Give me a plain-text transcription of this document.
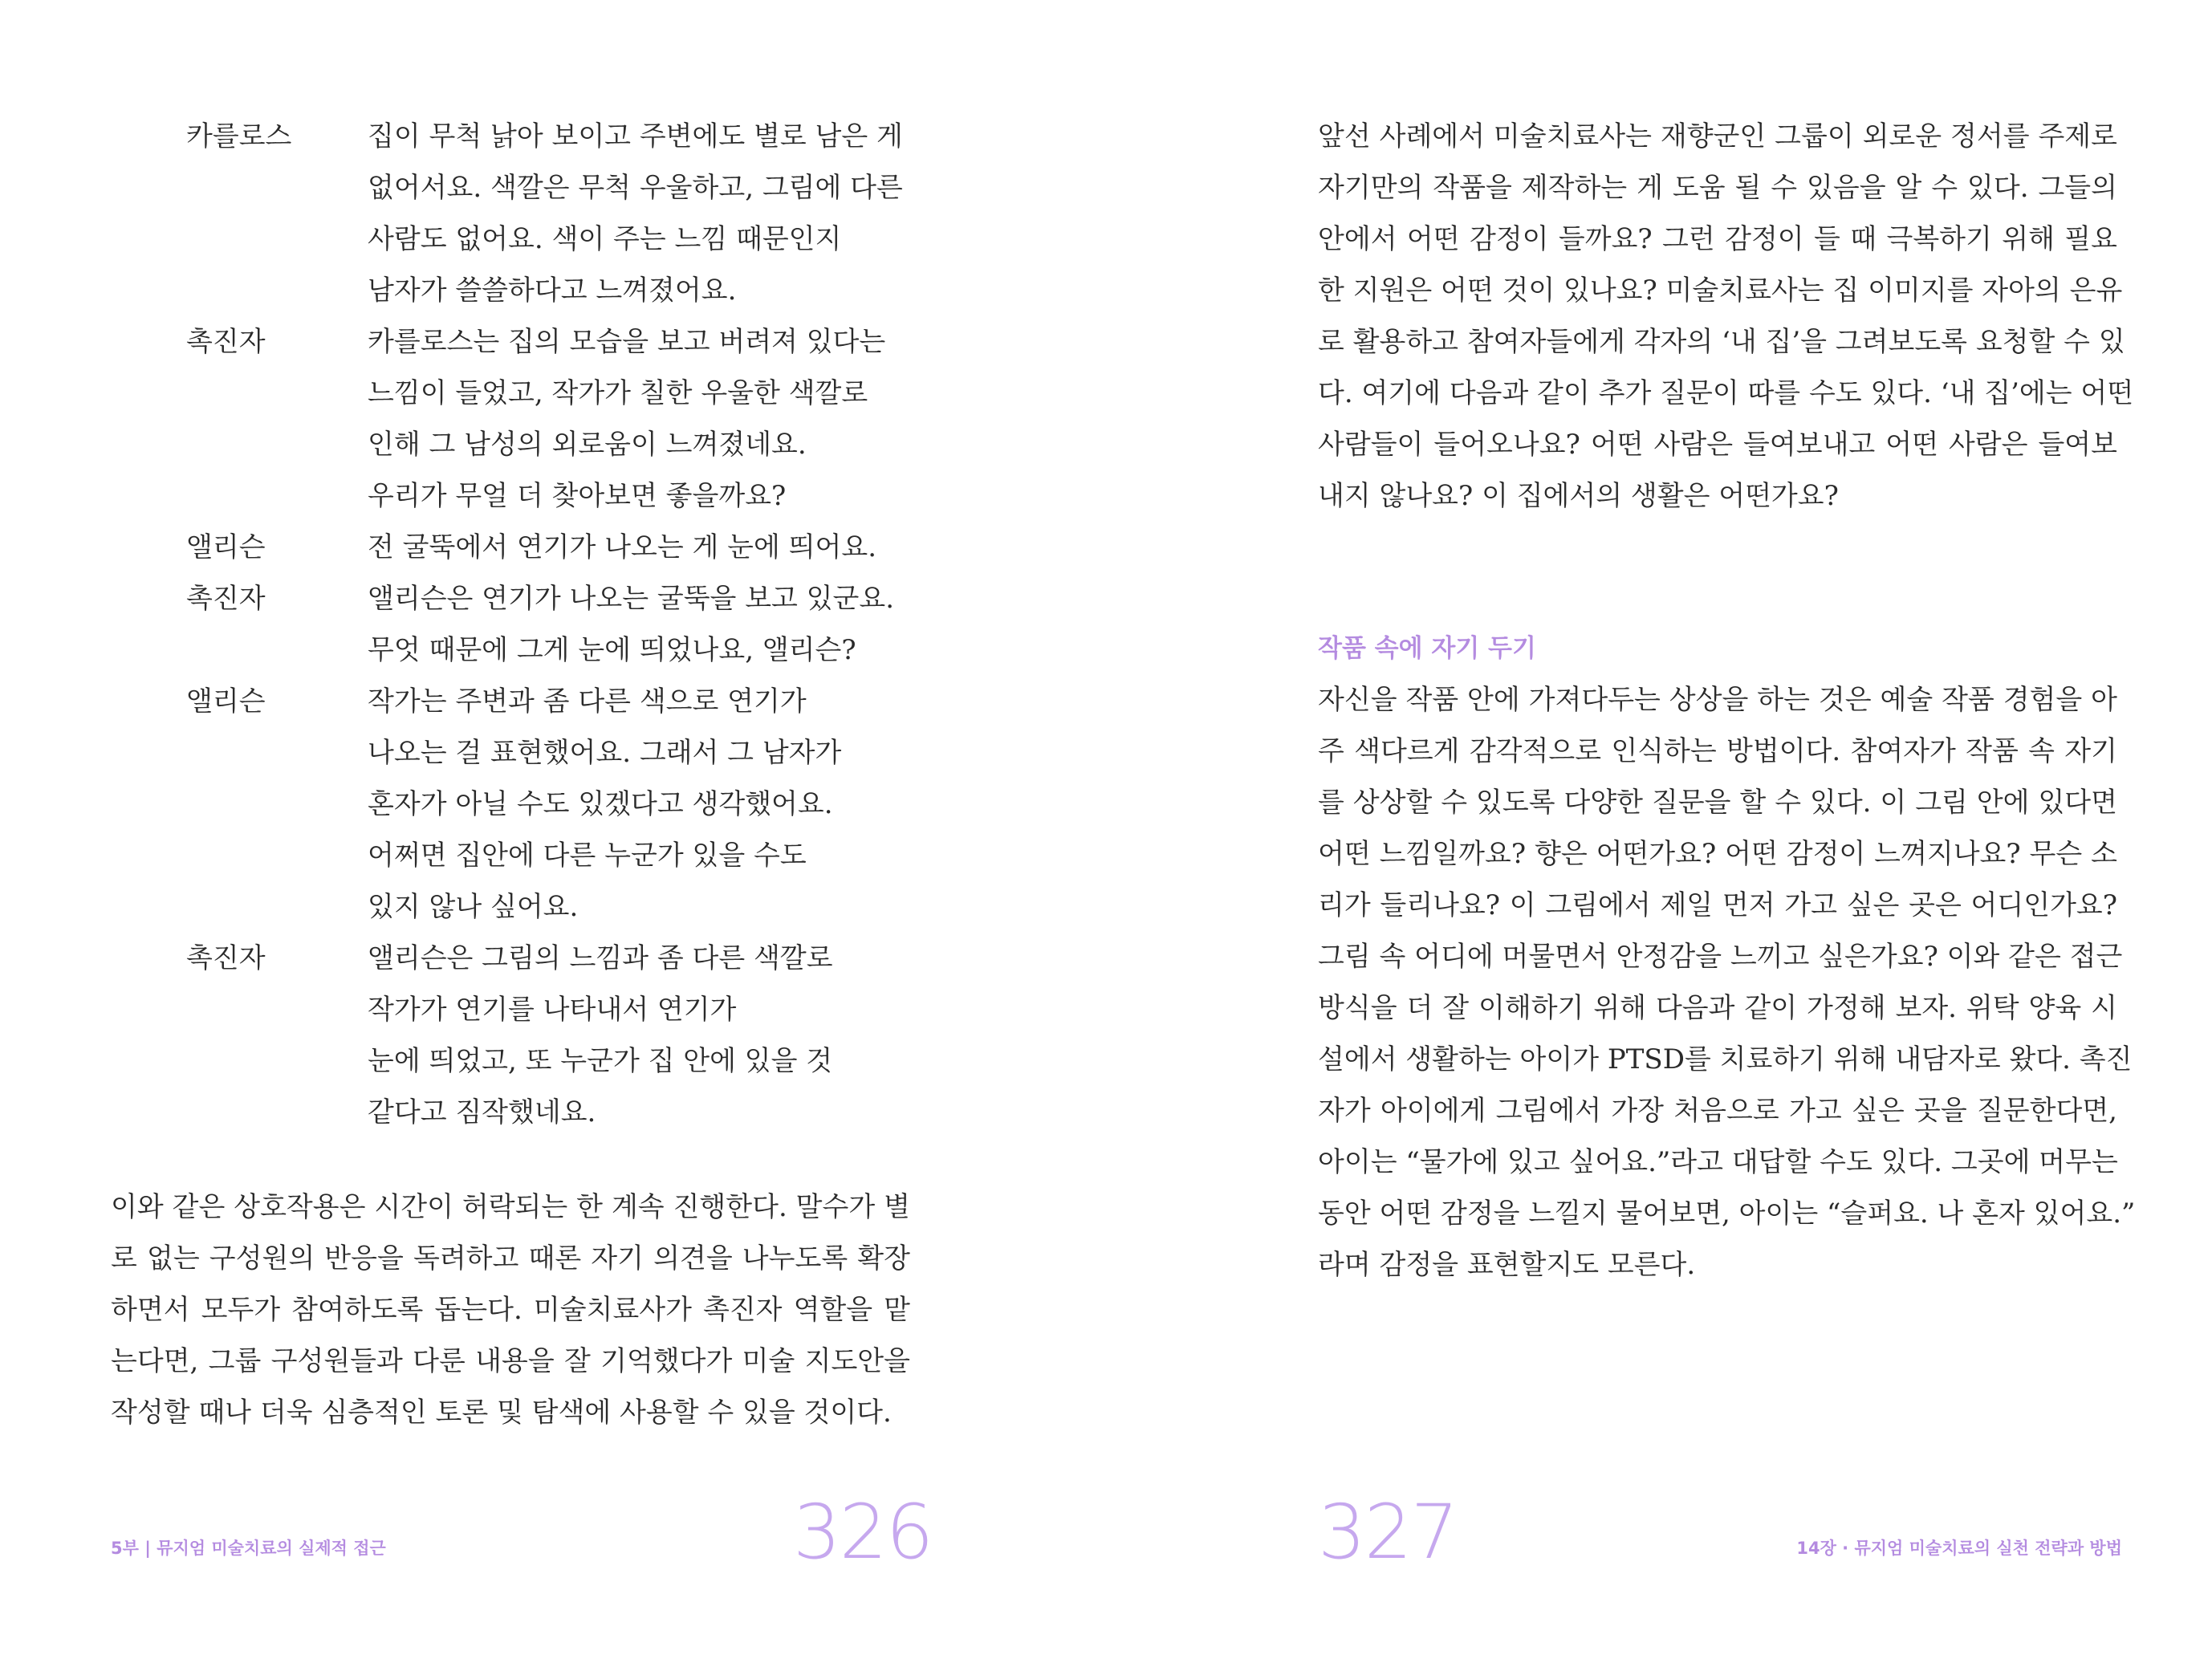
카를로스	집이 무척 낡아 보이고 주변에도 별로 남은 게
없어서요. 색깔은 무척 우울하고, 그림에 다른
사람도 없어요. 색이 주는 느낌 때문인지
남자가 쓸쓸하다고 느껴졌어요.
촉진자	카를로스는 집의 모습을 보고 버려져 있다는
느낌이 들었고, 작가가 칠한 우울한 색깔로
인해 그 남성의 외로움이 느껴졌네요.
우리가 무얼 더 찾아보면 좋을까요?
앨리슨	전 굴뚝에서 연기가 나오는 게 눈에 띄어요.
촉진자	앨리슨은 연기가 나오는 굴뚝을 보고 있군요.
무엇 때문에 그게 눈에 띄었나요, 앨리슨?
앨리슨	작가는 주변과 좀 다른 색으로 연기가
나오는 걸 표현했어요. 그래서 그 남자가
혼자가 아닐 수도 있겠다고 생각했어요.
어쩌면 집안에 다른 누군가 있을 수도
있지 않나 싶어요.
촉진자	앨리슨은 그림의 느낌과 좀 다른 색깔로
작가가 연기를 나타내서 연기가
눈에 띄었고, 또 누군가 집 안에 있을 것
같다고 짐작했네요.
이와 같은 상호작용은 시간이 허락되는 한 계속 진행한다. 말수가 별
로 없는 구성원의 반응을 독려하고 때론 자기 의견을 나누도록 확장
하면서 모두가 참여하도록 돕는다. 미술치료사가 촉진자 역할을 맡
는다면, 그룹 구성원들과 다룬 내용을 잘 기억했다가 미술 지도안을
작성할 때나 더욱 심층적인 토론 및 탐색에 사용할 수 있을 것이다.
5부 | 뮤지엄 미술치료의 실제적 접근	326
앞선 사례에서 미술치료사는 재향군인 그룹이 외로운 정서를 주제로
자기만의 작품을 제작하는 게 도움 될 수 있음을 알 수 있다. 그들의
안에서 어떤 감정이 들까요? 그런 감정이 들 때 극복하기 위해 필요
한 지원은 어떤 것이 있나요? 미술치료사는 집 이미지를 자아의 은유
로 활용하고 참여자들에게 각자의 ‘내 집’을 그려보도록 요청할 수 있
다. 여기에 다음과 같이 추가 질문이 따를 수도 있다. ‘내 집’에는 어떤
사람들이 들어오나요? 어떤 사람은 들여보내고 어떤 사람은 들여보
내지 않나요? 이 집에서의 생활은 어떤가요?
작품 속에 자기 두기
자신을 작품 안에 가져다두는 상상을 하는 것은 예술 작품 경험을 아
주 색다르게 감각적으로 인식하는 방법이다. 참여자가 작품 속 자기
를 상상할 수 있도록 다양한 질문을 할 수 있다. 이 그림 안에 있다면
어떤 느낌일까요? 향은 어떤가요? 어떤 감정이 느껴지나요? 무슨 소
리가 들리나요? 이 그림에서 제일 먼저 가고 싶은 곳은 어디인가요?
그림 속 어디에 머물면서 안정감을 느끼고 싶은가요? 이와 같은 접근
방식을 더 잘 이해하기 위해 다음과 같이 가정해 보자. 위탁 양육 시
설에서 생활하는 아이가 PTSD를 치료하기 위해 내담자로 왔다. 촉진
자가 아이에게 그림에서 가장 처음으로 가고 싶은 곳을 질문한다면,
아이는 “물가에 있고 싶어요.”라고 대답할 수도 있다. 그곳에 머무는
동안 어떤 감정을 느낄지 물어보면, 아이는 “슬퍼요. 나 혼자 있어요.”
라며 감정을 표현할지도 모른다.
327	14장 · 뮤지엄 미술치료의 실천 전략과 방법
